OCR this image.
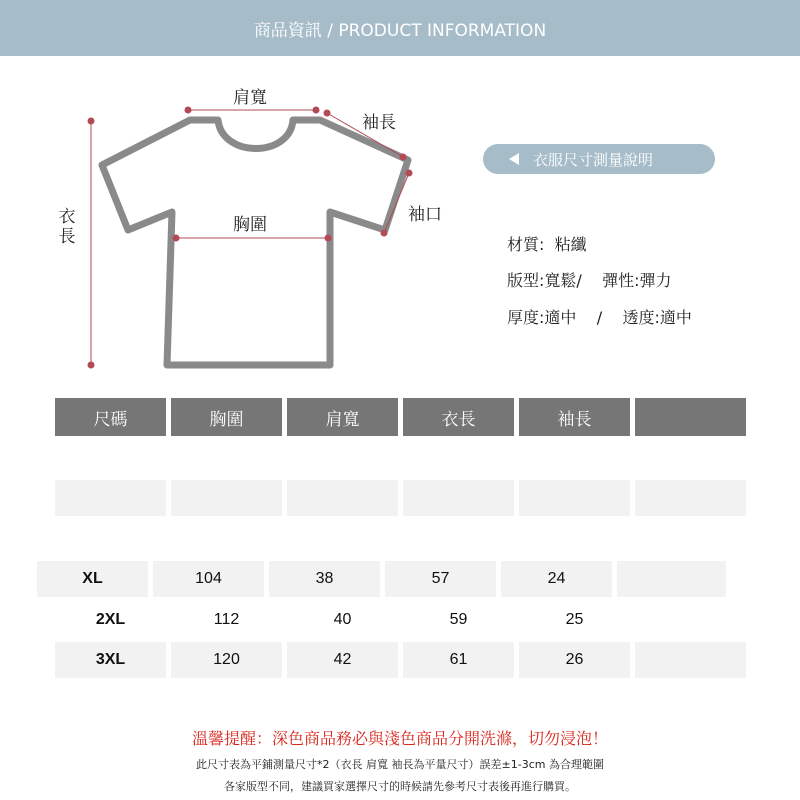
商品資訊 / PRODUCT INFORMATION
肩寬
袖長
袖口
胸圍
衣長
衣服尺寸測量說明
材質:  粘纖
版型:寬鬆/    彈性:彈力
厚度:適中    /    透度:適中
尺碼	胸圍	肩寬	衣長	袖長
XL	104	38	57	24
2XL	112	40	59	25
3XL	120	42	61	26
溫馨提醒：深色商品務必與淺色商品分開洗滌，切勿浸泡！
此尺寸表為平鋪測量尺寸*2（衣長 肩寬 袖長為平量尺寸）誤差±1-3cm 為合理範圍
各家版型不同，建議買家選擇尺寸的時候請先參考尺寸表後再進行購買。
